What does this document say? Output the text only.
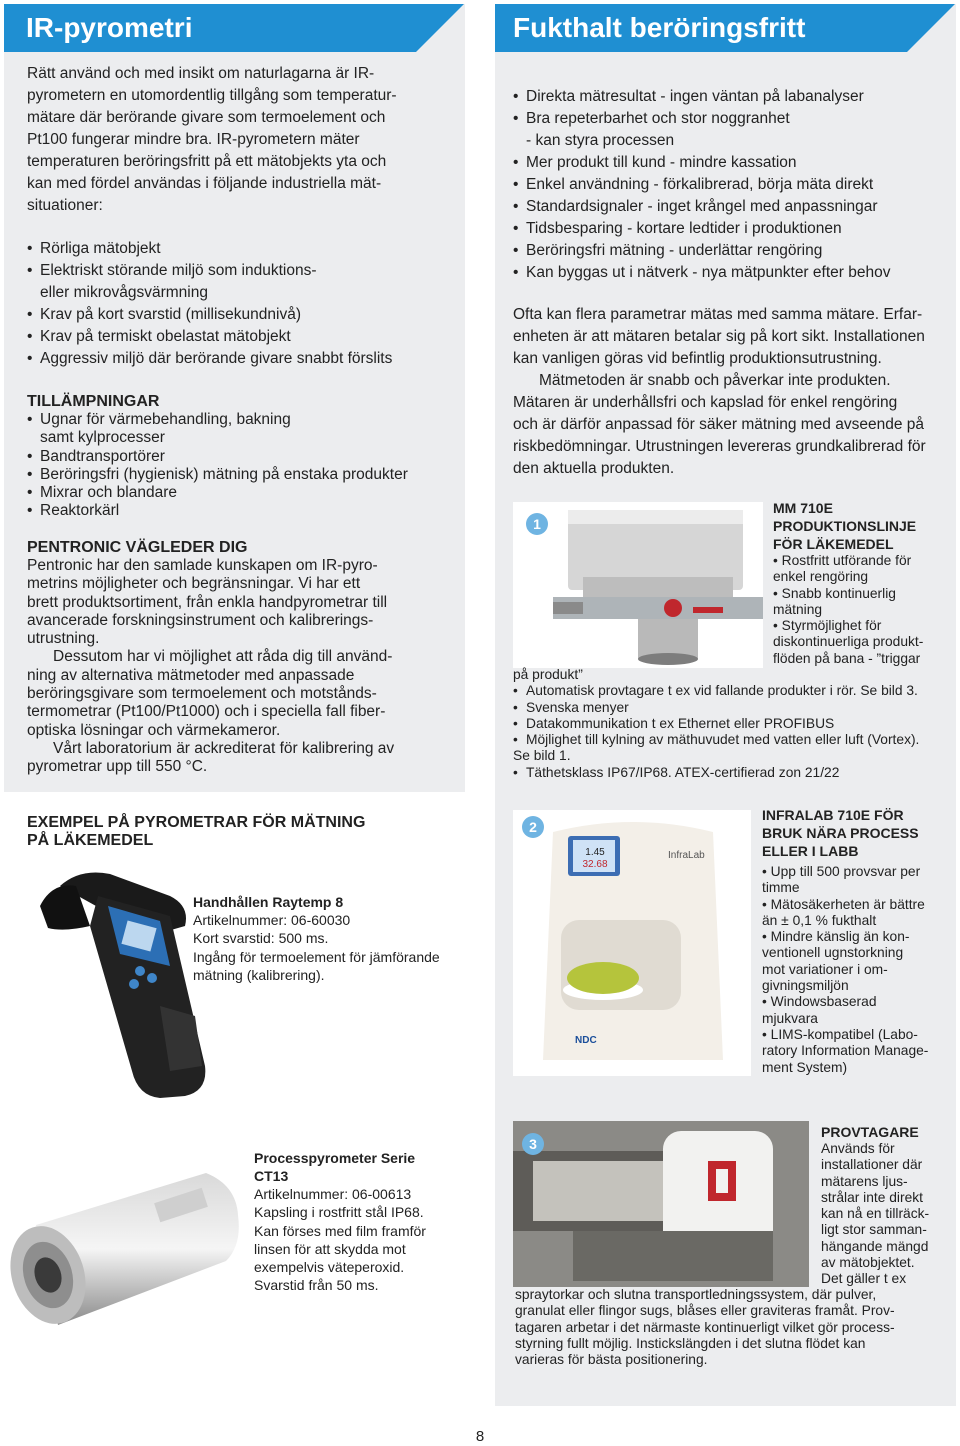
IR-pyrometri

Rätt använd och med insikt om naturlagarna är IR-

pyrometern en utomordentlig tillgång som temperatur-

mätare där berörande givare som termoelement och

Pt100 fungerar mindre bra. IR-pyrometern mäter

temperaturen beröringsfritt på ett mätobjekts yta och

kan med fördel användas i följande industriella mät-

situationer:

• Rörliga mätobjekt
• Elektriskt störande miljö som induktions-
eller mikrovågsvärmning
• Krav på kort svarstid (millisekundnivå)
• Krav på termiskt obelastat mätobjekt
• Aggressiv miljö där berörande givare snabbt förslits

TILLÄMPNINGAR

• Ugnar för värmebehandling, bakning
samt kylprocesser
• Bandtransportörer
• Beröringsfri (hygienisk) mätning på enstaka produkter
• Mixrar och blandare
• Reaktorkärl

PENTRONIC VÄGLEDER DIG

Pentronic har den samlade kunskapen om IR-pyro-

metrins möjligheter och begränsningar. Vi har ett

brett produktsortiment, från enkla handpyrometrar till

avancerade forskningsinstrument och kalibrerings-

utrustning.

Dessutom har vi möjlighet att råda dig till använd-

ning av alternativa mätmetoder med anpassade

beröringsgivare som termoelement och motstånds-

termometrar (Pt100/Pt1000) och i speciella fall fiber-

optiska lösningar och värmekameror.

Vårt laboratorium är ackrediterat för kalibrering av

pyrometrar upp till 550 °C.

EXEMPEL PÅ PYROMETRAR FÖR MÄTNING

PÅ LÄKEMEDEL

Handhållen Raytemp 8

Artikelnummer: 06-60030

Kort svarstid: 500 ms.

Ingång för termoelement för jämförande

mätning (kalibrering).

Processpyrometer Serie

CT13

Artikelnummer: 06-00613

Kapsling i rostfritt stål IP68.

Kan förses med film framför

linsen för att skydda mot

exempelvis väteperoxid.

Svarstid från 50 ms.

Fukthalt beröringsfritt
• Direkta mätresultat - ingen väntan på labanalyser
• Bra repeterbarhet och stor noggranhet
- kan styra processen
• Mer produkt till kund - mindre kassation
• Enkel användning - förkalibrerad, börja mäta direkt
• Standardsignaler - inget krångel med anpassningar
• Tidsbesparing - kortare ledtider i produktionen
• Beröringsfri mätning - underlättar rengöring
• Kan byggas ut i nätverk - nya mätpunkter efter behov

Ofta kan flera parametrar mätas med samma mätare. Erfar-

enheten är att mätaren betalar sig på kort sikt. Installationen

kan vanligen göras vid befintlig produktionsutrustning.

Mätmetoden är snabb och påverkar inte produkten.

Mätaren är underhållsfri och kapslad för enkel rengöring

och är därför anpassad för säker mätning med avseende på

riskbedömningar. Utrustningen levereras grundkalibrerad för

den aktuella produkten.

1

MM 710E

PRODUKTIONSLINJE

FÖR LÄKEMEDEL

• Rostfritt utförande för

enkel rengöring

• Snabb kontinuerlig

mätning

• Styrmöjlighet för

diskontinuerliga produkt-

flöden på bana - ”triggar

på produkt”

• Automatisk provtagare t ex vid fallande produkter i rör. Se bild 3.
• Svenska menyer
• Datakommunikation t ex Ethernet eller PROFIBUS
• Möjlighet till kylning av mäthuvudet med vatten eller luft (Vortex).

Se bild 1.

• Täthetsklass IP67/IP68. ATEX-certifierad zon 21/22
1.45
32.68
InfraLab
NDC
2

INFRALAB 710E FÖR

BRUK NÄRA PROCESS

ELLER I LABB

• Upp till 500 provsvar per

timme

• Mätosäkerheten är bättre

än ± 0,1 % fukthalt

• Mindre känslig än kon-

ventionell ugnstorkning

mot variationer i om-

givningsmiljön

• Windowsbaserad

mjukvara

• LIMS-kompatibel (Labo-

ratory Information Manage-

ment System)

3

PROVTAGARE

Används för

installationer där

mätarens ljus-

strålar inte direkt

kan nå en tillräck-

ligt stor samman-

hängande mängd

av mätobjektet.

Det gäller t ex

spraytorkar och slutna transportledningssystem, där pulver,

granulat eller flingor sugs, blåses eller graviteras framåt. Prov-

tagaren arbetar i det närmaste kontinuerligt vilket gör process-

styrning fullt möjlig. Instickslängden i det slutna flödet kan

varieras för bästa positionering.

8
